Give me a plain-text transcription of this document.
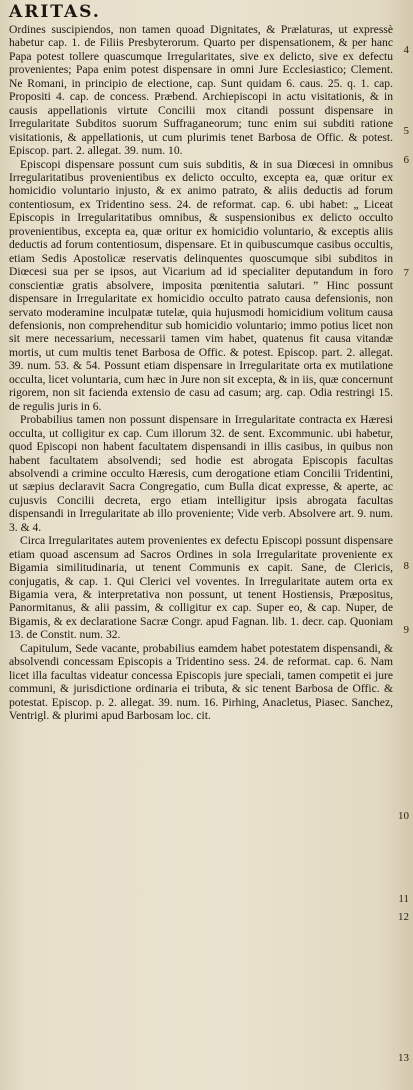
ARITAS.

Ordines suscipiendos, non tamen quoad Dignitates, & Prælaturas, ut expressè habetur cap. 1. de Filiis Presbyterorum. Quarto per dispensationem, & per hanc Papa potest tollere quascumque Irregularitates, sive ex delicto, sive ex defectu provenientes; Papa enim potest dispensare in omni Jure Ecclesiastico; Clement. Ne Romani, in principio de electione, cap. Sunt quidam 6. caus. 25. q. 1. cap. Propositi 4. cap. de concess. Præbend. Archiepiscopi in actu visitationis, & in causis appellationis virtute Concilii mox citandi possunt dispensare in Irregularitate Subditos suorum Suffraganeorum; tunc enim sui subditi ratione visitationis, & appellationis, ut cum plurimis tenet Barbosa de Offic. & potest. Episcop. part. 2. allegat. 39. num. 10.

Episcopi dispensare possunt cum suis subditis, & in sua Diœcesi in omnibus Irregularitatibus provenientibus ex delicto occulto, excepta ea, quæ oritur ex homicidio voluntario injusto, & ex animo patrato, & aliis deductis ad forum contentiosum, ex Tridentino sess. 24. de reformat. cap. 6. ubi habet: „ Liceat Episcopis in Irregularitatibus omnibus, & suspensionibus ex delicto occulto provenientibus, excepta ea, quæ oritur ex homicidio voluntario, & exceptis aliis deductis ad forum contentiosum, dispensare. Et in quibuscumque casibus occultis, etiam Sedis Apostolicæ reservatis delinquentes quoscumque sibi subditos in Diœcesi sua per se ipsos, aut Vicarium ad id specialiter deputandum in foro conscientiæ gratis absolvere, imposita pœnitentia salutari. ” Hinc possunt dispensare in Irregularitate ex homicidio occulto patrato causa defensionis, non servato moderamine inculpatæ tutelæ, quia hujusmodi homicidium volitum causa defensionis, non comprehenditur sub homicidio voluntario; immo potius licet non sit mere necessarium, necessarii tamen vim habet, quatenus fit causa vitandæ mortis, ut cum multis tenet Barbosa de Offic. & potest. Episcop. part. 2. allegat. 39. num. 53. & 54. Possunt etiam dispensare in Irregularitate orta ex mutilatione occulta, licet voluntaria, cum hæc in Jure non sit excepta, & in iis, quæ concernunt rigorem, non sit facienda extensio de casu ad casum; arg. cap. Odia restringi 15. de regulis juris in 6.

Probabilius tamen non possunt dispensare in Irregularitate contracta ex Hæresi occulta, ut colligitur ex cap. Cum illorum 32. de sent. Excommunic. ubi habetur, quod Episcopi non habent facultatem dispensandi in illis casibus, in quibus non habent facultatem absolvendi; sed hodie est abrogata Episcopis facultas absolvendi a crimine occulto Hæresis, cum derogatione etiam Concilii Tridentini, ut sæpius declaravit Sacra Congregatio, cum Bulla dicat expresse, & aperte, ac cujusvis Concilii decreta, ergo etiam intelligitur ipsis abrogata facultas dispensandi in Irregularitate ab illo proveniente; Vide verb. Absolvere art. 9. num. 3. & 4.

Circa Irregularitates autem provenientes ex defectu Episcopi possunt dispensare etiam quoad ascensum ad Sacros Ordines in sola Irregularitate proveniente ex Bigamia similitudinaria, ut tenent Communis ex capit. Sane, de Clericis, conjugatis, & cap. 1. Qui Clerici vel voventes. In Irregularitate autem orta ex Bigamia vera, & interpretativa non possunt, ut tenent Hostiensis, Præpositus, Panormitanus, & alii passim, & colligitur ex cap. Super eo, & cap. Nuper, de Bigamis, & ex declaratione Sacræ Congr. apud Fagnan. lib. 1. decr. cap. Quoniam 13. de Constit. num. 32.

Capitulum, Sede vacante, probabilius eamdem habet potestatem dispensandi, & absolvendi concessam Episcopis a Tridentino sess. 24. de reformat. cap. 6. Nam licet illa facultas videatur concessa Episcopis jure speciali, tamen competit ei jure communi, & jurisdictione ordinaria ei tributa, & sic tenent Barbosa de Offic. & potestat. Episcop. p. 2. allegat. 39. num. 16. Pirhing, Anacletus, Piasec. Sanchez, Ventrigl. & plurimi apud Barbosam loc. cit.

4
5
6
7
8
9
10
11
12
13
